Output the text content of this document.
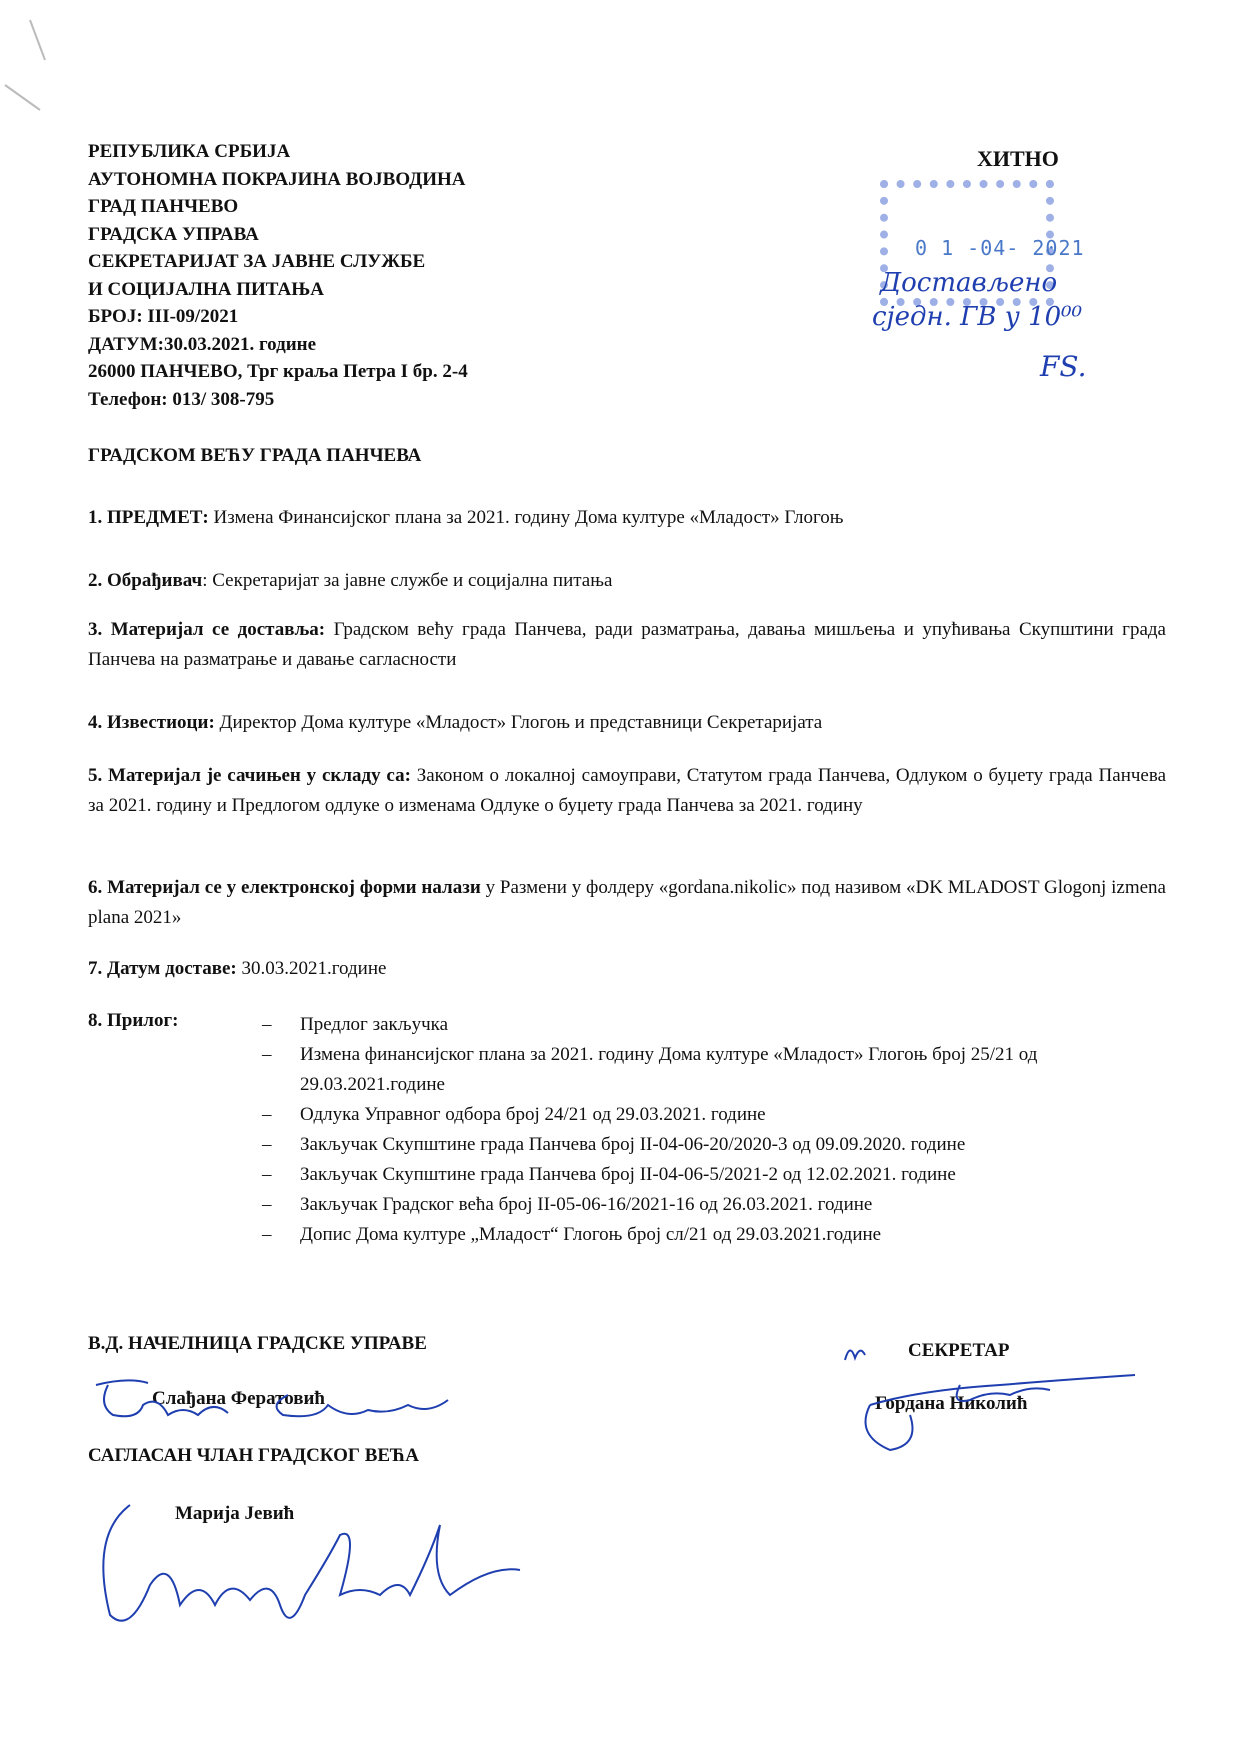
РЕПУБЛИКА СРБИЈА
АУТОНОМНА ПОКРАЈИНА ВОЈВОДИНА
ГРАД ПАНЧЕВО
ГРАДСКА УПРАВА
СЕКРЕТАРИЈАТ ЗА ЈАВНЕ СЛУЖБЕ
И СОЦИЈАЛНА ПИТАЊА
БРОЈ: III-09/2021
ДАТУМ:30.03.2021. године
26000 ПАНЧЕВО, Трг краља Петра I бр. 2-4
Телефон: 013/ 308-795
ХИТНО
0 1 -04- 2021
Достављено
сједн. ГВ у 10⁰⁰
FS.
ГРАДСКОМ ВЕЋУ ГРАДА ПАНЧЕВА
1. ПРЕДМЕТ: Измена Финансијског плана за 2021. годину Дома културе «Младост» Глогоњ
2. Обрађивач: Секретаријат за јавне службе и социјална питања
3. Материјал се доставља: Градском већу града Панчева, ради разматрања, давања мишљења и упућивања Скупштини града Панчева на разматрање и давање сагласности
4. Известиоци: Директор Дома културе «Младост» Глогоњ и представници Секретаријата
5. Материјал је сачињен у складу са: Законом о локалној самоуправи, Статутом града Панчева, Одлуком о буџету града Панчева за 2021. годину и Предлогом одлуке о изменама Одлуке о буџету града Панчева за 2021. годину
6. Материјал се у електронској форми налази у Размени у фолдеру «gordana.nikolic» под називом «DK MLADOST Glogonj izmena plana 2021»
7. Датум доставе: 30.03.2021.године
8. Прилог:	– Предлог закључка
– Измена финансијског плана за 2021. годину Дома културе «Младост» Глогоњ број 25/21 од 29.03.2021.године
– Одлука Управног одбора број 24/21 од 29.03.2021. године
– Закључак Скупштине града Панчева број II-04-06-20/2020-3 од 09.09.2020. године
– Закључак Скупштине града Панчева број II-04-06-5/2021-2 од 12.02.2021. године
– Закључак Градског већа број II-05-06-16/2021-16 од 26.03.2021. године
– Допис Дома културе „Младост“ Глогоњ број сл/21 од 29.03.2021.године
В.Д. НАЧЕЛНИЦА ГРАДСКЕ УПРАВЕ
Слађана Фератовић
САГЛАСАН ЧЛАН ГРАДСКОГ ВЕЋА
Марија Јевић
СЕКРЕТАР
Гордана Николић
